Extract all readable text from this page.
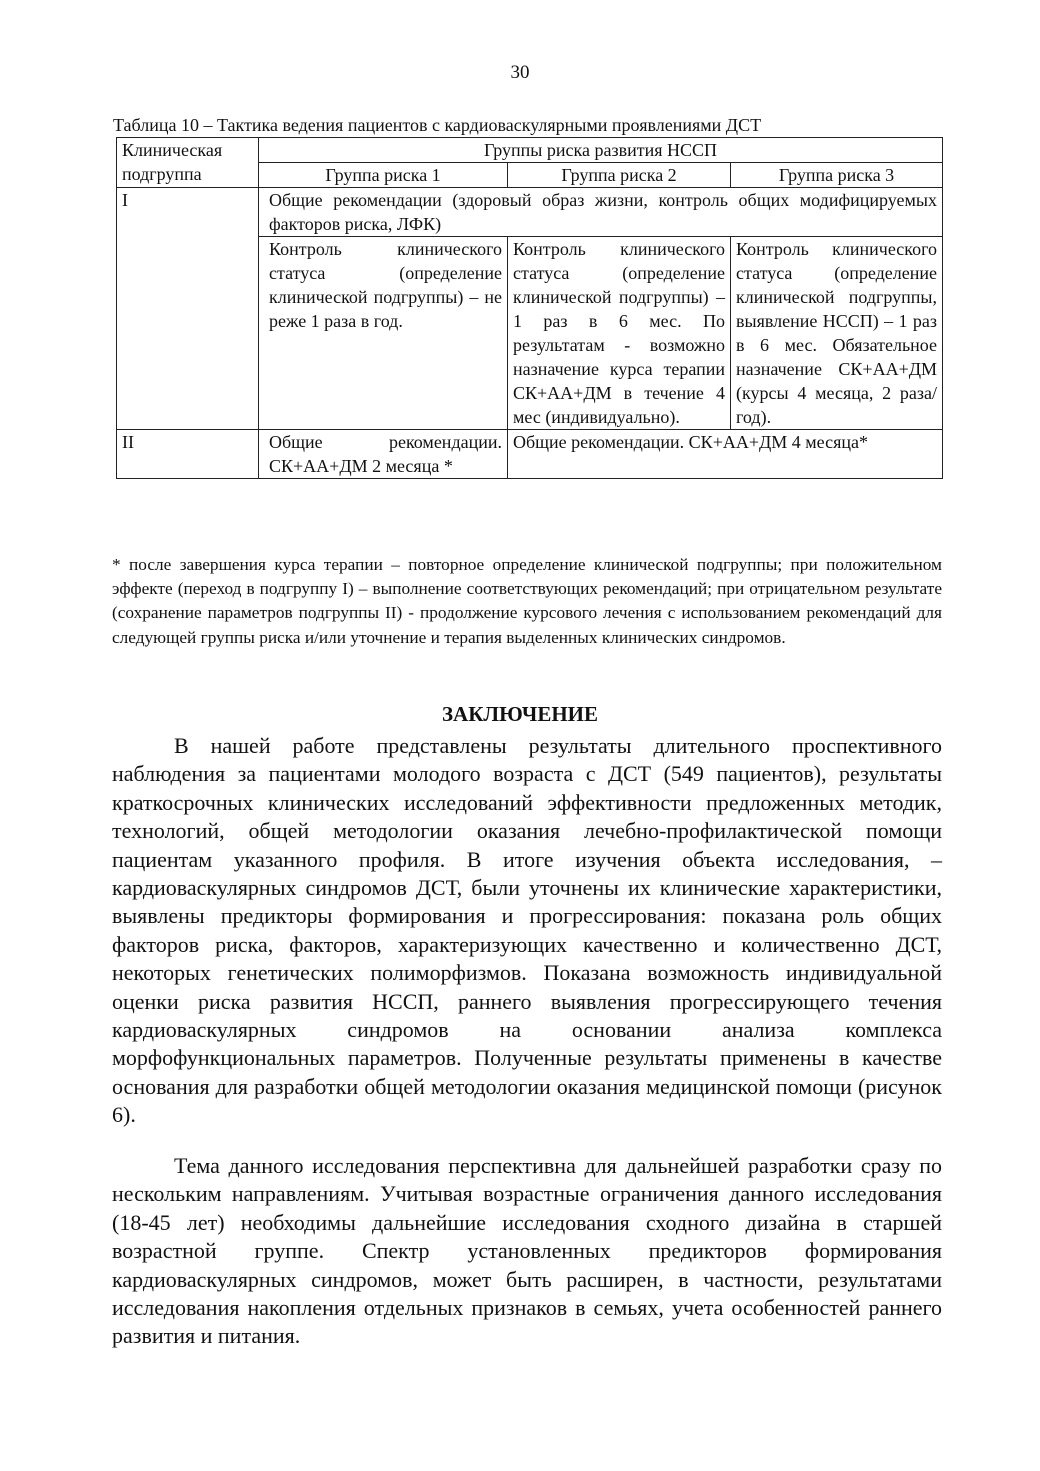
30
Таблица 10 – Тактика ведения пациентов с кардиоваскулярными проявлениями ДСТ
Клиническая подгруппа	Группы риска развития НССП		
	Группа риска 1	Группа риска 2	Группа риска 3
I	Общие рекомендации (здоровый образ жизни, контроль общих модифицируемых факторов риска, ЛФК)		
	Контроль клинического статуса (определение клинической подгруппы) – не реже 1 раза в год.	Контроль клинического статуса (определение клинической подгруппы) – 1 раз в 6 мес. По результатам - возможно назначение курса терапии СК+АА+ДМ в течение 4 мес (индивидуально).	Контроль клинического статуса (определение клинической подгруппы, выявление НССП) – 1 раз в 6 мес. Обязательное назначение СК+АА+ДМ (курсы 4 месяца, 2 раза/год).
II	Общие рекомендации. СК+АА+ДМ 2 месяца *	Общие рекомендации. СК+АА+ДМ 4 месяца*	
* после завершения курса терапии – повторное определение клинической подгруппы; при положительном эффекте (переход в подгруппу I) – выполнение соответствующих рекомендаций; при отрицательном результате (сохранение параметров подгруппы II) - продолжение курсового лечения с использованием рекомендаций для следующей группы риска и/или уточнение и терапия выделенных клинических синдромов.
ЗАКЛЮЧЕНИЕ

В нашей работе представлены результаты длительного проспективного наблюдения за пациентами молодого возраста с ДСТ (549 пациентов), результаты краткосрочных клинических исследований эффективности предложенных методик, технологий, общей методологии оказания лечебно-профилактической помощи пациентам указанного профиля. В итоге изучения объекта исследования, – кардиоваскулярных синдромов ДСТ, были уточнены их клинические характеристики, выявлены предикторы формирования и прогрессирования: показана роль общих факторов риска, факторов, характеризующих качественно и количественно ДСТ, некоторых генетических полиморфизмов. Показана возможность индивидуальной оценки риска развития НССП, раннего выявления прогрессирующего течения кардиоваскулярных синдромов на основании анализа комплекса морфофункциональных параметров. Полученные результаты применены в качестве основания для разработки общей методологии оказания медицинской помощи (рисунок 6).

Тема данного исследования перспективна для дальнейшей разработки сразу по нескольким направлениям. Учитывая возрастные ограничения данного исследования (18-45 лет) необходимы дальнейшие исследования сходного дизайна в старшей возрастной группе. Спектр установленных предикторов формирования кардиоваскулярных синдромов, может быть расширен, в частности, результатами исследования накопления отдельных признаков в семьях, учета особенностей раннего развития и питания.
